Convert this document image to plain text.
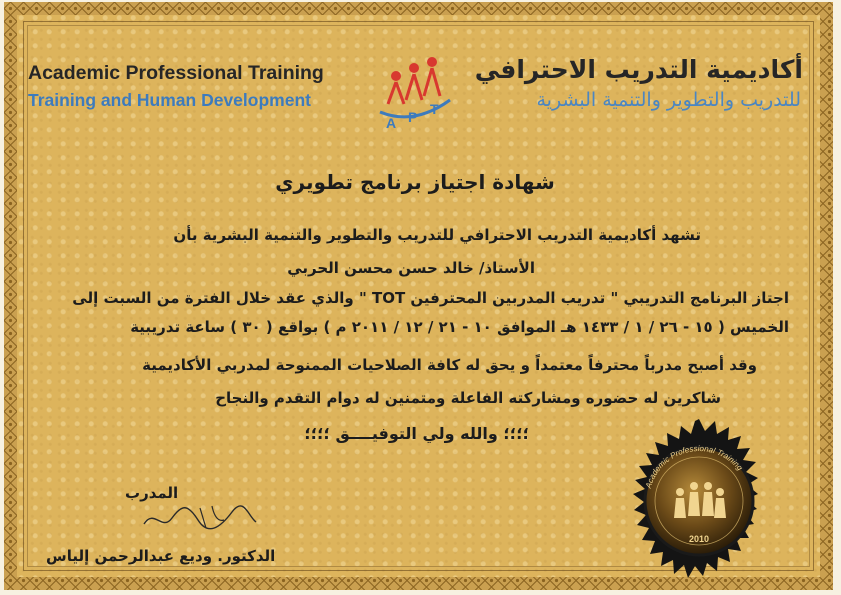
Academic Professional Training
Training and Human Development
A P T
أكاديمية التدريب الاحترافي
للتدريب والتطوير والتنمية البشرية
شهادة اجتياز برنامج تطويري
تشهد أكاديمية التدريب الاحترافي للتدريب والتطوير والتنمية البشرية بأن
الأستاذ/ خالد حسن محسن الحربي
اجتاز البرنامج التدريبي " تدريب المدربين المحترفين TOT " والذي عقد خلال الفترة من السبت إلى
الخميس ( ١٥ - ٢٦ / ١ / ١٤٣٣ هـ الموافق ١٠ - ٢١ / ١٢ / ٢٠١١ م ) بواقع ( ٣٠ ) ساعة تدريبية
وقد أصبح مدرباً محترفاً معتمداً و يحق له كافة الصلاحيات الممنوحة لمدربي الأكاديمية
شاكرين له حضوره ومشاركته الفاعلة ومتمنين له دوام التقدم والنجاح
؛؛؛؛ والله ولي التوفيــــق ؛؛؛؛
المدرب
الدكتور. وديع عبدالرحمن إلياس
Academic Professional Training
2010
